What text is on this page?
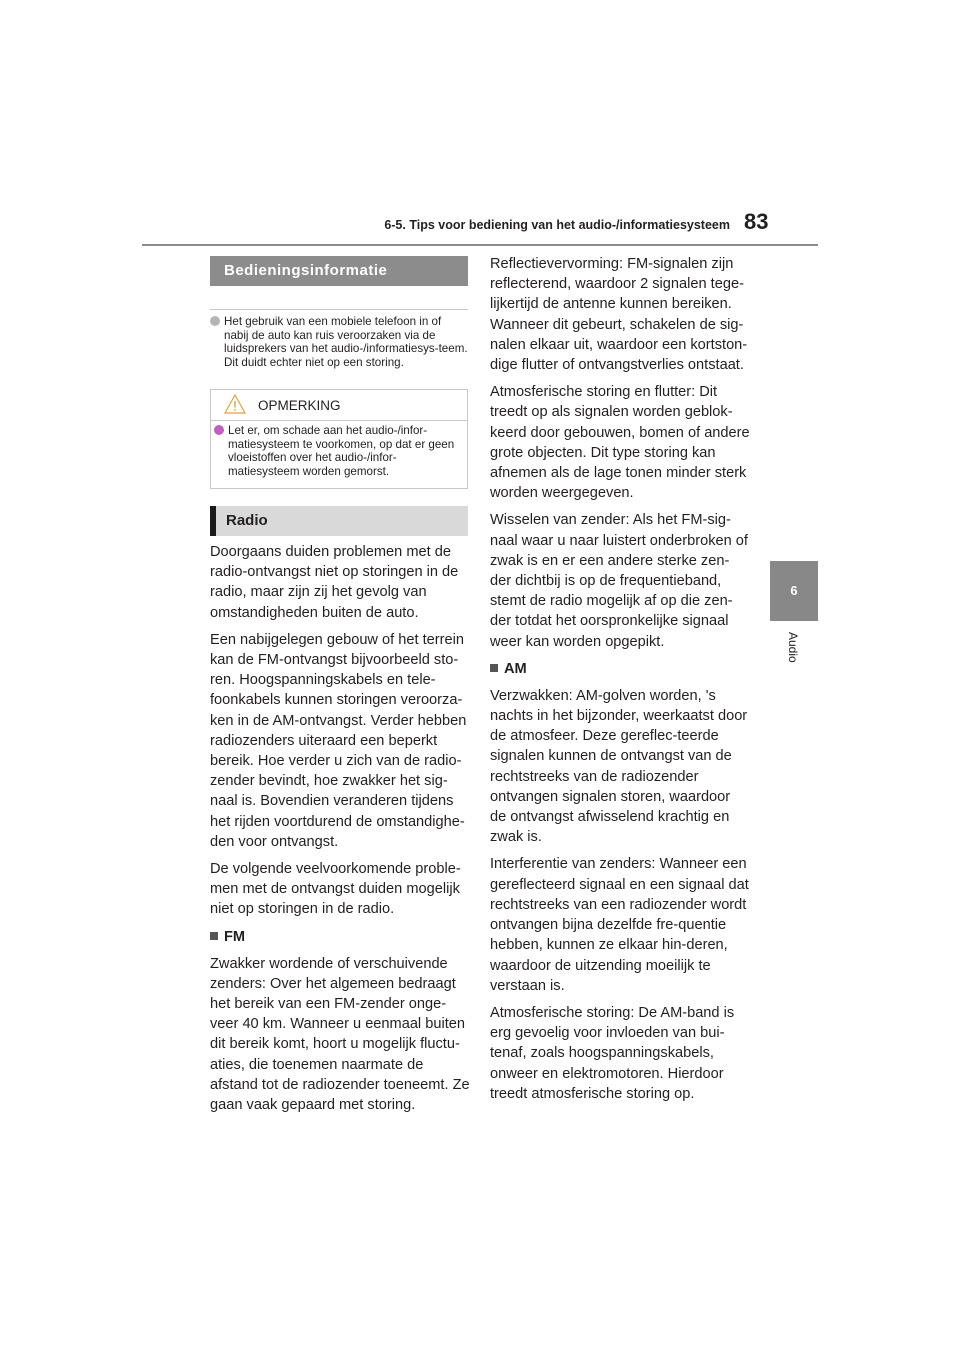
6-5. Tips voor bediening van het audio-/informatiesysteem 83
6
Audio
Bedieningsinformatie
Het gebruik van een mobiele telefoon in of nabij de auto kan ruis veroorzaken via de luidsprekers van het audio-/informatiesys-teem. Dit duidt echter niet op een storing.
OPMERKING
Let er, om schade aan het audio-/infor-matiesysteem te voorkomen, op dat er geen vloeistoffen over het audio-/infor-matiesysteem worden gemorst.
Radio

Doorgaans duiden problemen met de radio-ontvangst niet op storingen in de radio, maar zijn zij het gevolg van omstandigheden buiten de auto.

Een nabijgelegen gebouw of het terrein kan de FM-ontvangst bijvoorbeeld sto-ren. Hoogspanningskabels en tele-foonkabels kunnen storingen veroorza-ken in de AM-ontvangst. Verder hebben radiozenders uiteraard een beperkt bereik. Hoe verder u zich van de radio-zender bevindt, hoe zwakker het sig-naal is. Bovendien veranderen tijdens het rijden voortdurend de omstandighe-den voor ontvangst.

De volgende veelvoorkomende proble-men met de ontvangst duiden mogelijk niet op storingen in de radio.

FM

Zwakker wordende of verschuivende zenders: Over het algemeen bedraagt het bereik van een FM-zender onge-veer 40 km. Wanneer u eenmaal buiten dit bereik komt, hoort u mogelijk fluctu-aties, die toenemen naarmate de afstand tot de radiozender toeneemt. Ze gaan vaak gepaard met storing.

Reflectievervorming: FM-signalen zijn reflecterend, waardoor 2 signalen tege-lijkertijd de antenne kunnen bereiken. Wanneer dit gebeurt, schakelen de sig-nalen elkaar uit, waardoor een kortston-dige flutter of ontvangstverlies ontstaat.

Atmosferische storing en flutter: Dit treedt op als signalen worden geblok-keerd door gebouwen, bomen of andere grote objecten. Dit type storing kan afnemen als de lage tonen minder sterk worden weergegeven.

Wisselen van zender: Als het FM-sig-naal waar u naar luistert onderbroken of zwak is en er een andere sterke zen-der dichtbij is op de frequentieband, stemt de radio mogelijk af op die zen-der totdat het oorspronkelijke signaal weer kan worden opgepikt.

AM

Verzwakken: AM-golven worden, 's nachts in het bijzonder, weerkaatst door de atmosfeer. Deze gereflec-teerde signalen kunnen de ontvangst van de rechtstreeks van de radiozender ontvangen signalen storen, waardoor de ontvangst afwisselend krachtig en zwak is.

Interferentie van zenders: Wanneer een gereflecteerd signaal en een signaal dat rechtstreeks van een radiozender wordt ontvangen bijna dezelfde fre-quentie hebben, kunnen ze elkaar hin-deren, waardoor de uitzending moeilijk te verstaan is.

Atmosferische storing: De AM-band is erg gevoelig voor invloeden van bui-tenaf, zoals hoogspanningskabels, onweer en elektromotoren. Hierdoor treedt atmosferische storing op.
